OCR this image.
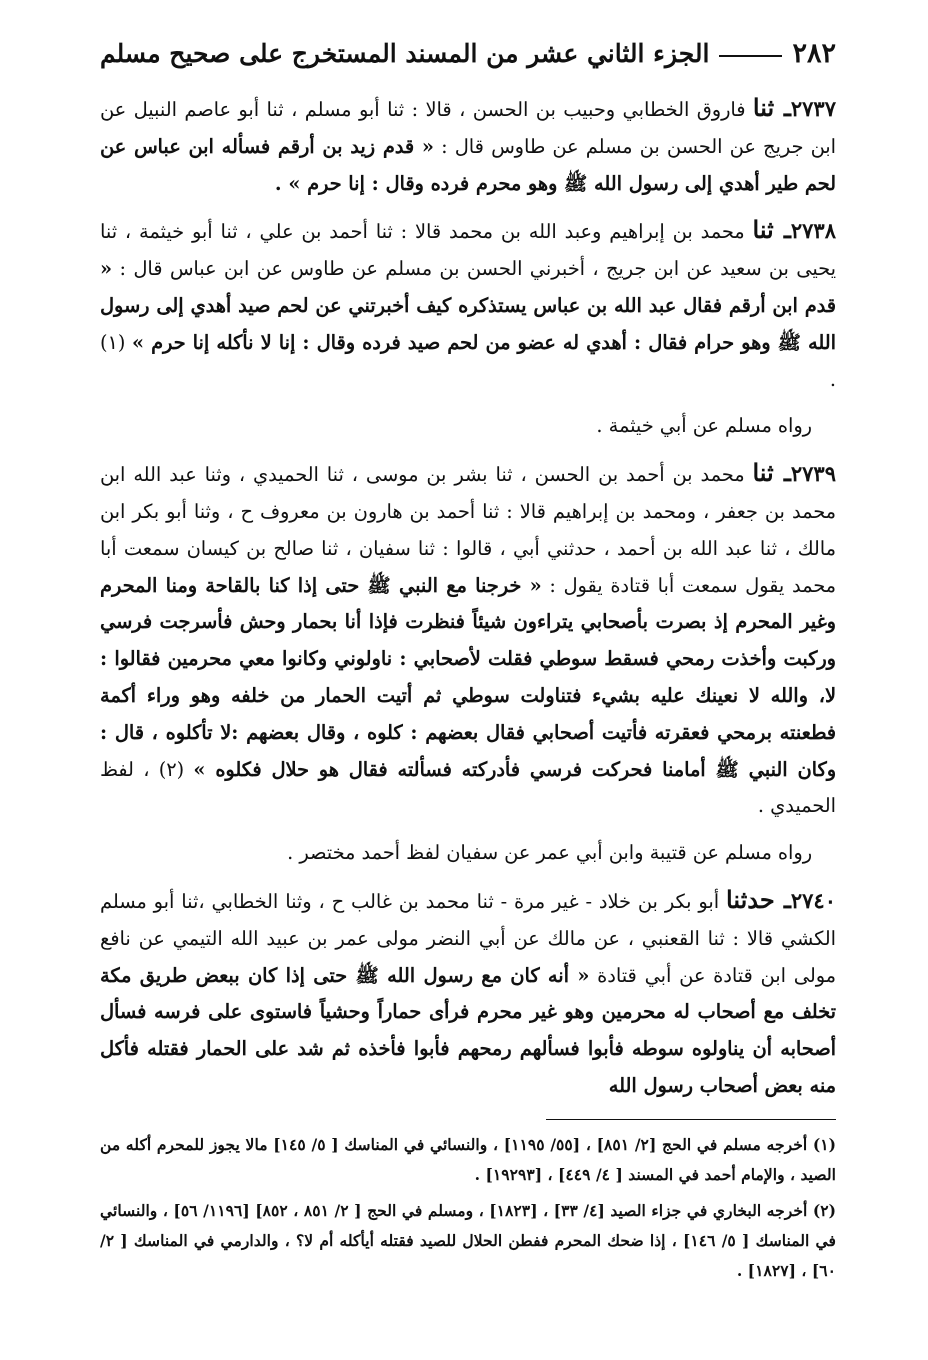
٢٨٢
الجزء الثاني عشر من المسند المستخرج على صحيح مسلم

٢٧٣٧ـ ثنا فاروق الخطابي وحبيب بن الحسن ، قالا : ثنا أبو مسلم ، ثنا أبو عاصم النبيل عن ابن جريج عن الحسن بن مسلم عن طاوس قال : « قدم زيد بن أرقم فسأله ابن عباس عن لحم طير أهدي إلى رسول الله ﷺ وهو محرم فرده وقال : إنا حرم » .

٢٧٣٨ـ ثنا محمد بن إبراهيم وعبد الله بن محمد قالا : ثنا أحمد بن علي ، ثنا أبو خيثمة ، ثنا يحيى بن سعيد عن ابن جريج ، أخبرني الحسن بن مسلم عن طاوس عن ابن عباس قال : « قدم ابن أرقم فقال عبد الله بن عباس يستذكره كيف أخبرتني عن لحم صيد أهدي إلى رسول الله ﷺ وهو حرام فقال : أهدي له عضو من لحم صيد فرده وقال : إنا لا نأكله إنا حرم » (١) .

رواه مسلم عن أبي خيثمة .

٢٧٣٩ـ ثنا محمد بن أحمد بن الحسن ، ثنا بشر بن موسى ، ثنا الحميدي ، وثنا عبد الله ابن محمد بن جعفر ، ومحمد بن إبراهيم قالا : ثنا أحمد بن هارون بن معروف ح ، وثنا أبو بكر ابن مالك ، ثنا عبد الله بن أحمد ، حدثني أبي ، قالوا : ثنا سفيان ، ثنا صالح بن كيسان سمعت أبا محمد يقول سمعت أبا قتادة يقول : « خرجنا مع النبي ﷺ حتى إذا كنا بالقاحة ومنا المحرم وغير المحرم إذ بصرت بأصحابي يتراءون شيئاً فنظرت فإذا أنا بحمار وحش فأسرجت فرسي وركبت وأخذت رمحي فسقط سوطي فقلت لأصحابي : ناولوني وكانوا معي محرمين فقالوا : لا، والله لا نعينك عليه بشيء فتناولت سوطي ثم أتيت الحمار من خلفه وهو وراء أكمة فطعنته برمحي فعقرته فأتيت أصحابي فقال بعضهم : كلوه ، وقال بعضهم :لا تأكلوه ، قال : وكان النبي ﷺ أمامنا فحركت فرسي فأدركته فسألته فقال هو حلال فكلوه » (٢) ، لفظ الحميدي .

رواه مسلم عن قتيبة وابن أبي عمر عن سفيان لفظ أحمد مختصر .

٢٧٤٠ـ حدثنا أبو بكر بن خلاد - غير مرة - ثنا محمد بن غالب ح ، وثنا الخطابي ،ثنا أبو مسلم الكشي قالا : ثنا القعنبي ، عن مالك عن أبي النضر مولى عمر بن عبيد الله التيمي عن نافع مولى ابن قتادة عن أبي قتادة « أنه كان مع رسول الله ﷺ حتى إذا كان ببعض طريق مكة تخلف مع أصحاب له محرمين وهو غير محرم فرأى حماراً وحشياً فاستوى على فرسه فسأل أصحابه أن يناولوه سوطه فأبوا فسألهم رمحهم فأبوا فأخذه ثم شد على الحمار فقتله فأكل منه بعض أصحاب رسول الله

(١) أخرجه مسلم في الحج [٢/ ٨٥١] ، [٥٥/ ١١٩٥] ، والنسائي في المناسك [ ٥/ ١٤٥] مالا يجوز للمحرم أكله من الصيد ، والإمام أحمد في المسند [ ٤/ ٤٤٩] ، [١٩٢٩٣] .

(٢) أخرجه البخاري في جزاء الصيد [٤/ ٣٣] ، [١٨٢٣] ، ومسلم في الحج [ ٢/ ٨٥١ ، ٨٥٢] [١١٩٦/ ٥٦] ، والنسائي في المناسك [ ٥/ ١٤٦] ، إذا ضحك المحرم ففطن الحلال للصيد فقتله أيأكله أم لا؟ ، والدارمي في المناسك [ ٢/ ٦٠] ، [١٨٢٧] .
